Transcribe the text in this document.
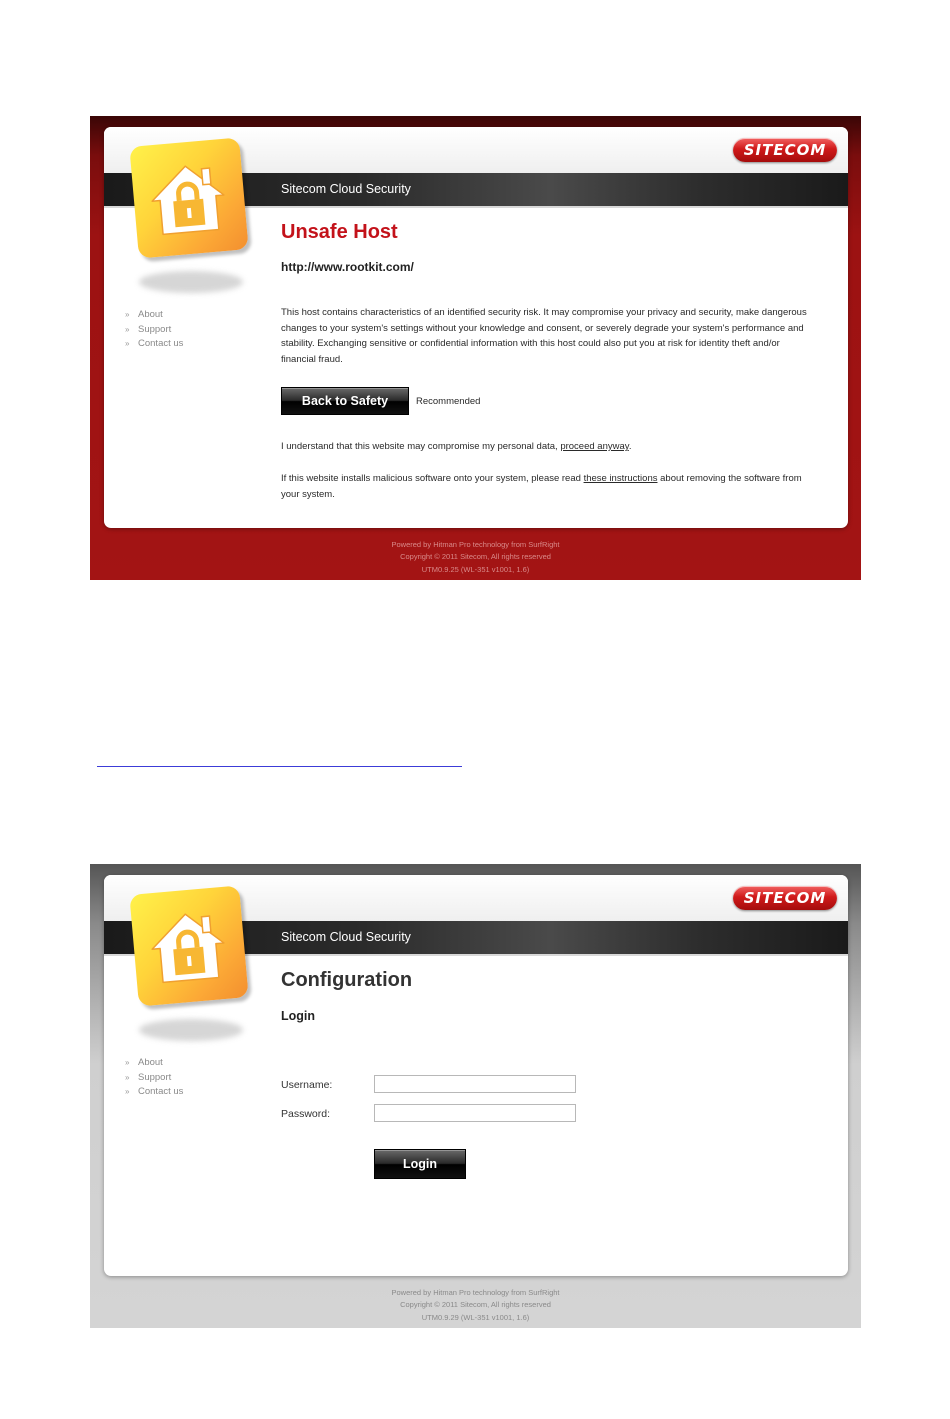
SITECOM
Sitecom Cloud Security
» About
» Support
» Contact us
Unsafe Host
http://www.rootkit.com/
This host contains characteristics of an identified security risk. It may compromise your privacy and security, make dangerous changes to your system's settings without your knowledge and consent, or severely degrade your system's performance and stability. Exchanging sensitive or confidential information with this host could also put you at risk for identity theft and/or financial fraud.
Back to Safety	Recommended
I understand that this website may compromise my personal data, proceed anyway.
If this website installs malicious software onto your system, please read these instructions about removing the software from your system.
Powered by Hitman Pro technology from SurfRight
Copyright © 2011 Sitecom, All rights reserved
UTM0.9.25 (WL-351 v1001, 1.6)
SITECOM
Sitecom Cloud Security
» About
» Support
» Contact us
Configuration
Login
Username:
Password:
Login
Powered by Hitman Pro technology from SurfRight
Copyright © 2011 Sitecom, All rights reserved
UTM0.9.29 (WL-351 v1001, 1.6)
